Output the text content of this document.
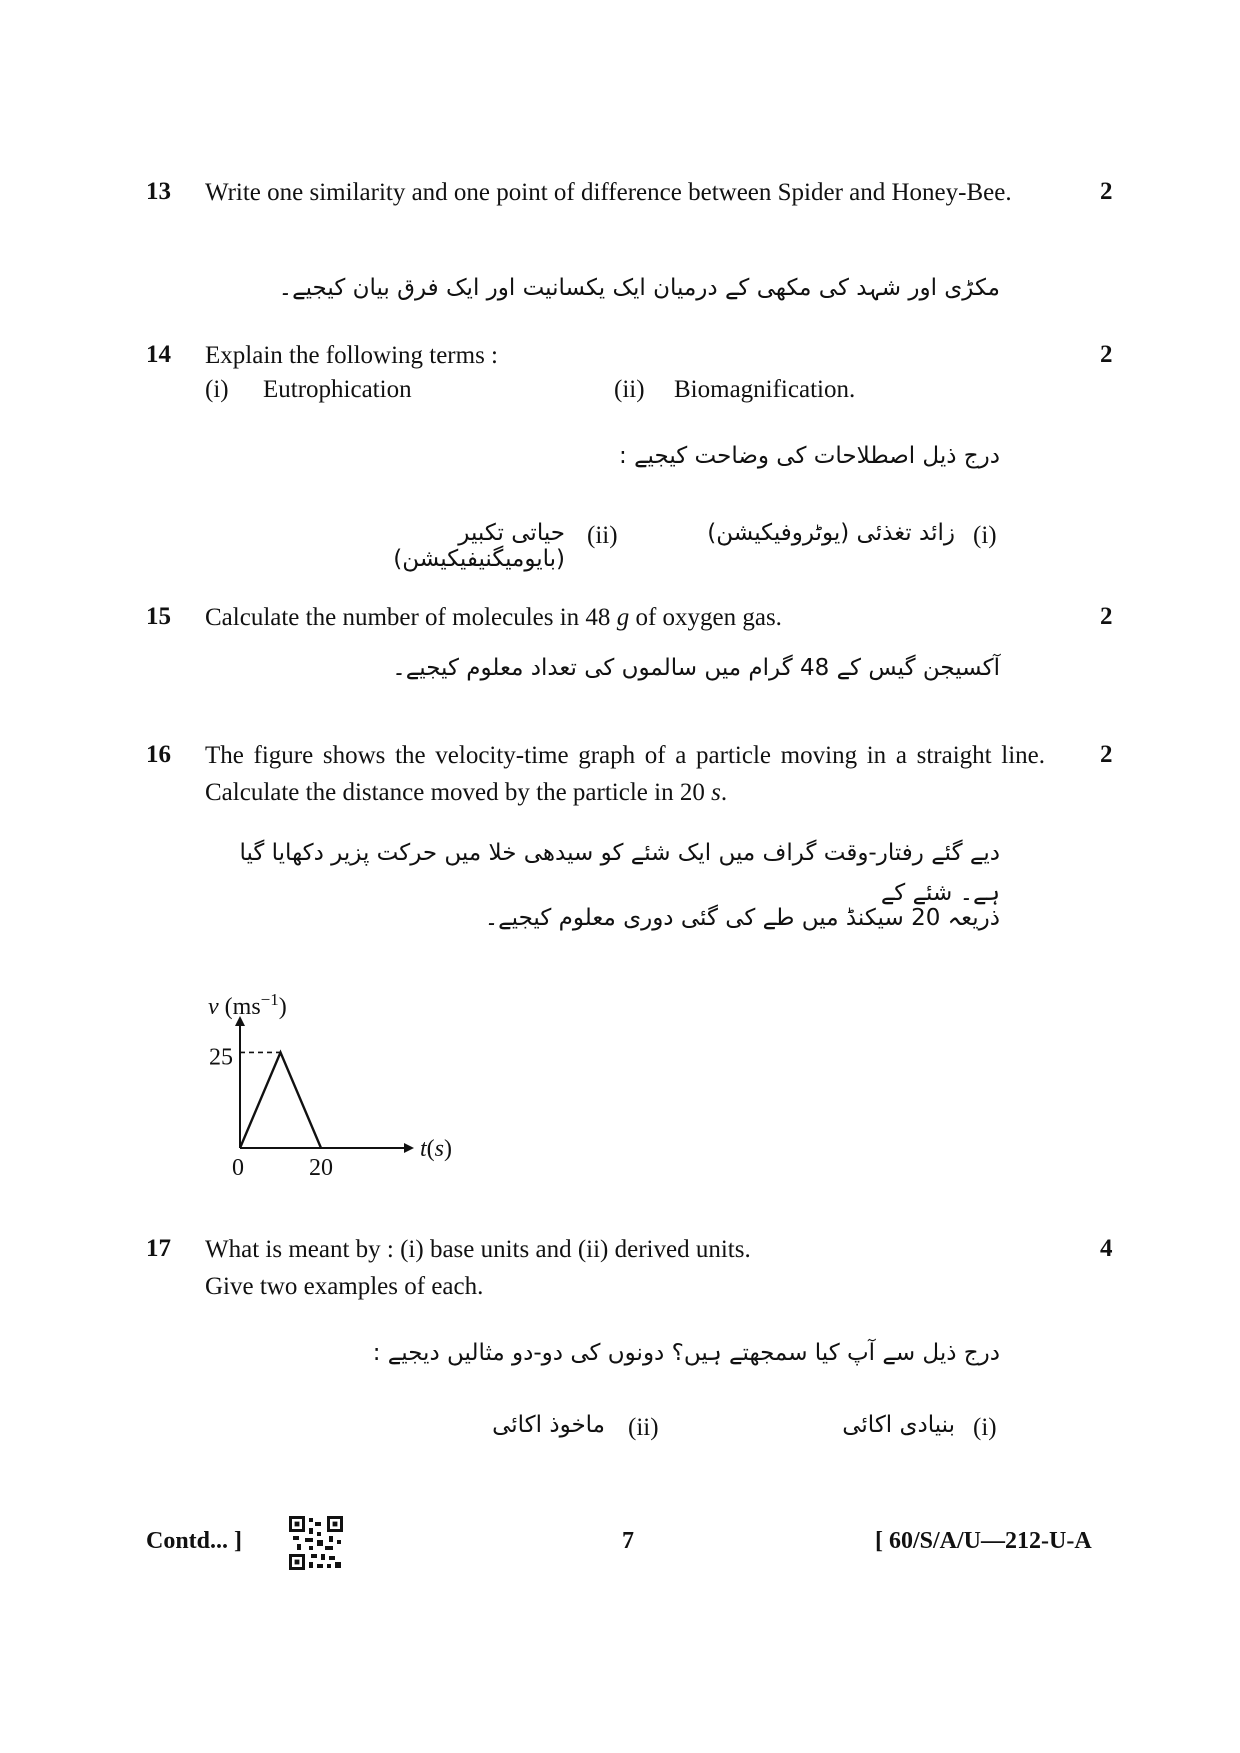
13	2
Write one similarity and one point of difference between Spider and Honey-Bee.
مکڑی اور شہد کی مکھی کے درمیان ایک یکسانیت اور ایک فرق بیان کیجیے۔
14	2
Explain the following terms :
(i) Eutrophication	(ii) Biomagnification.
درج ذیل اصطلاحات کی وضاحت کیجیے :
(i)
زائد تغذئی (یوٹروفیکیشن)
(ii)
حیاتی تکبیر (بایومیگنیفیکیشن)
15	2
Calculate the number of molecules in 48 g of oxygen gas.
آکسیجن گیس کے 48 گرام میں سالموں کی تعداد معلوم کیجیے۔
16	2
The figure shows the velocity-time graph of a particle moving in a straight line. Calculate the distance moved by the particle in 20 s.
دیے گئے رفتار-وقت گراف میں ایک شئے کو سیدھی خلا میں حرکت پزیر دکھایا گیا ہے۔ شئے کے
ذریعہ 20 سیکنڈ میں طے کی گئی دوری معلوم کیجیے۔
25
0	20
v $(ms^{-1})$
t(s)
17	4
What is meant by : (i) base units and (ii) derived units.
Give two examples of each.
درج ذیل سے آپ کیا سمجھتے ہیں؟ دونوں کی دو-دو مثالیں دیجیے :
(i)
بنیادی اکائی
(ii)
ماخوذ اکائی
Contd... ]	7	[ 60/S/A/U—212-U-A
